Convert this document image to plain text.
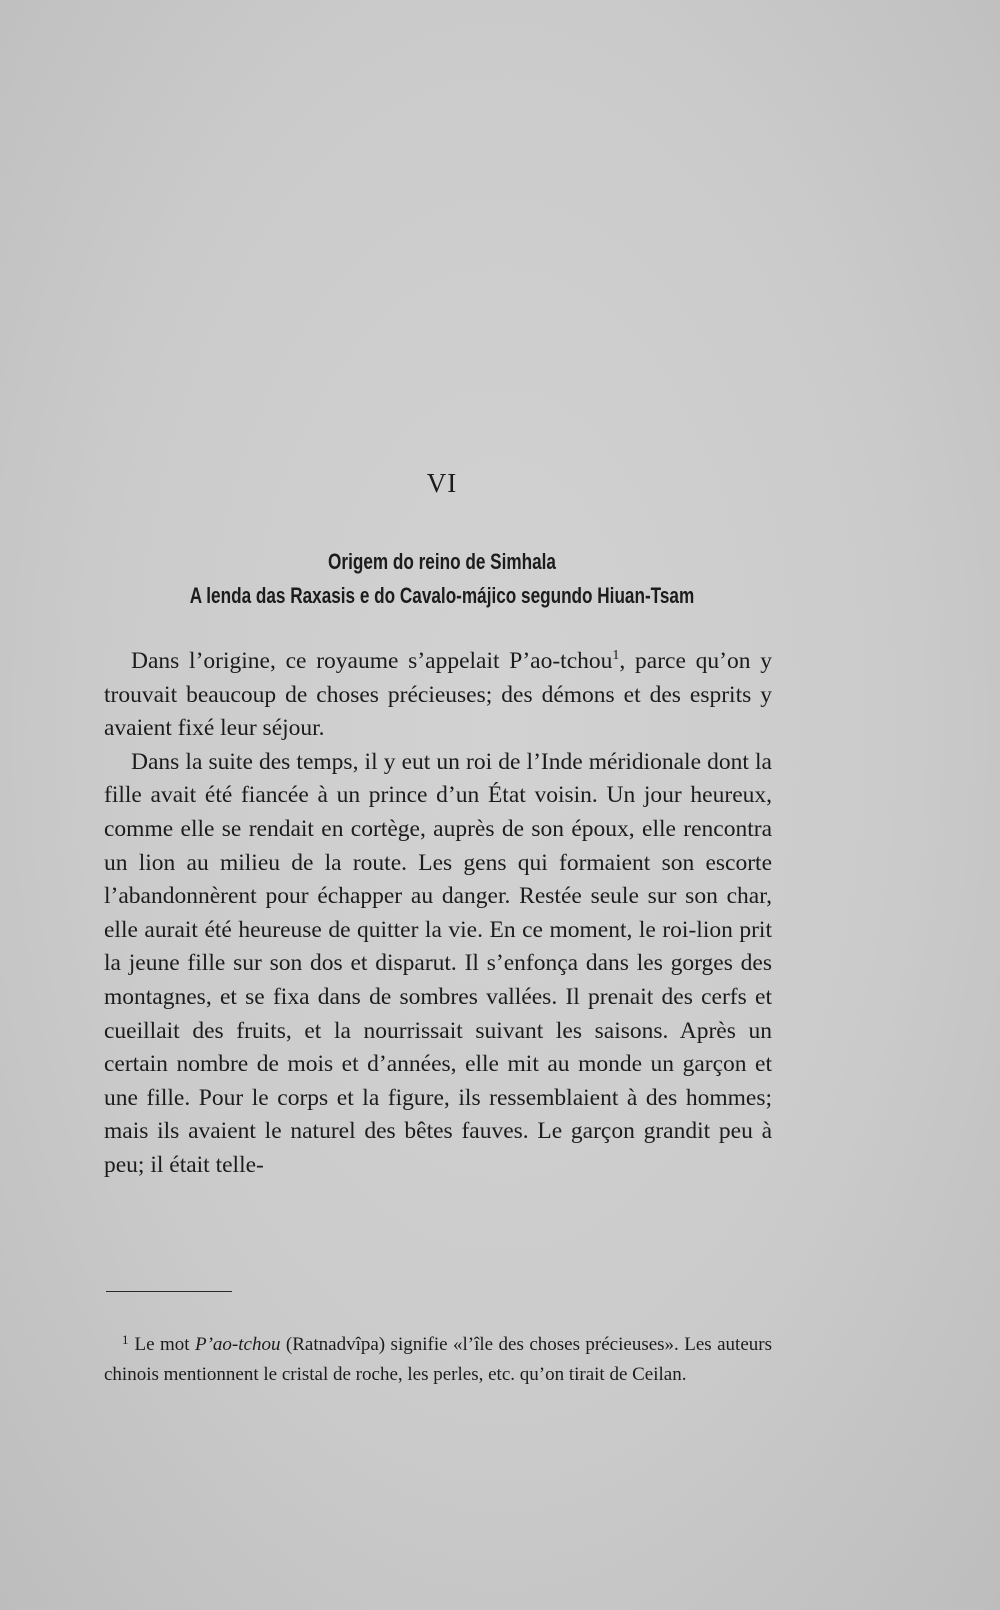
VI
Origem do reino de Simhala
A lenda das Raxasis e do Cavalo-májico segundo Hiuan-Tsam

Dans l’origine, ce royaume s’appelait P’ao-tchou$^1$, parce qu’on y trouvait beaucoup de choses précieuses; des démons et des esprits y avaient fixé leur séjour.

Dans la suite des temps, il y eut un roi de l’Inde méridionale dont la fille avait été fiancée à un prince d’un État voisin. Un jour heureux, comme elle se rendait en cortège, auprès de son époux, elle rencontra un lion au milieu de la route. Les gens qui formaient son escorte l’abandonnèrent pour échapper au danger. Restée seule sur son char, elle aurait été heureuse de quitter la vie. En ce moment, le roi-lion prit la jeune fille sur son dos et disparut. Il s’enfonça dans les gorges des montagnes, et se fixa dans de sombres vallées. Il prenait des cerfs et cueillait des fruits, et la nourrissait suivant les saisons. Après un certain nombre de mois et d’années, elle mit au monde un garçon et une fille. Pour le corps et la figure, ils ressemblaient à des hommes; mais ils avaient le naturel des bêtes fauves. Le garçon grandit peu à peu; il était telle-

$^1$ Le mot P’ao-tchou (Ratnadvîpa) signifie «l’île des choses précieuses». Les auteurs chinois mentionnent le cristal de roche, les perles, etc. qu’on tirait de Ceilan.
